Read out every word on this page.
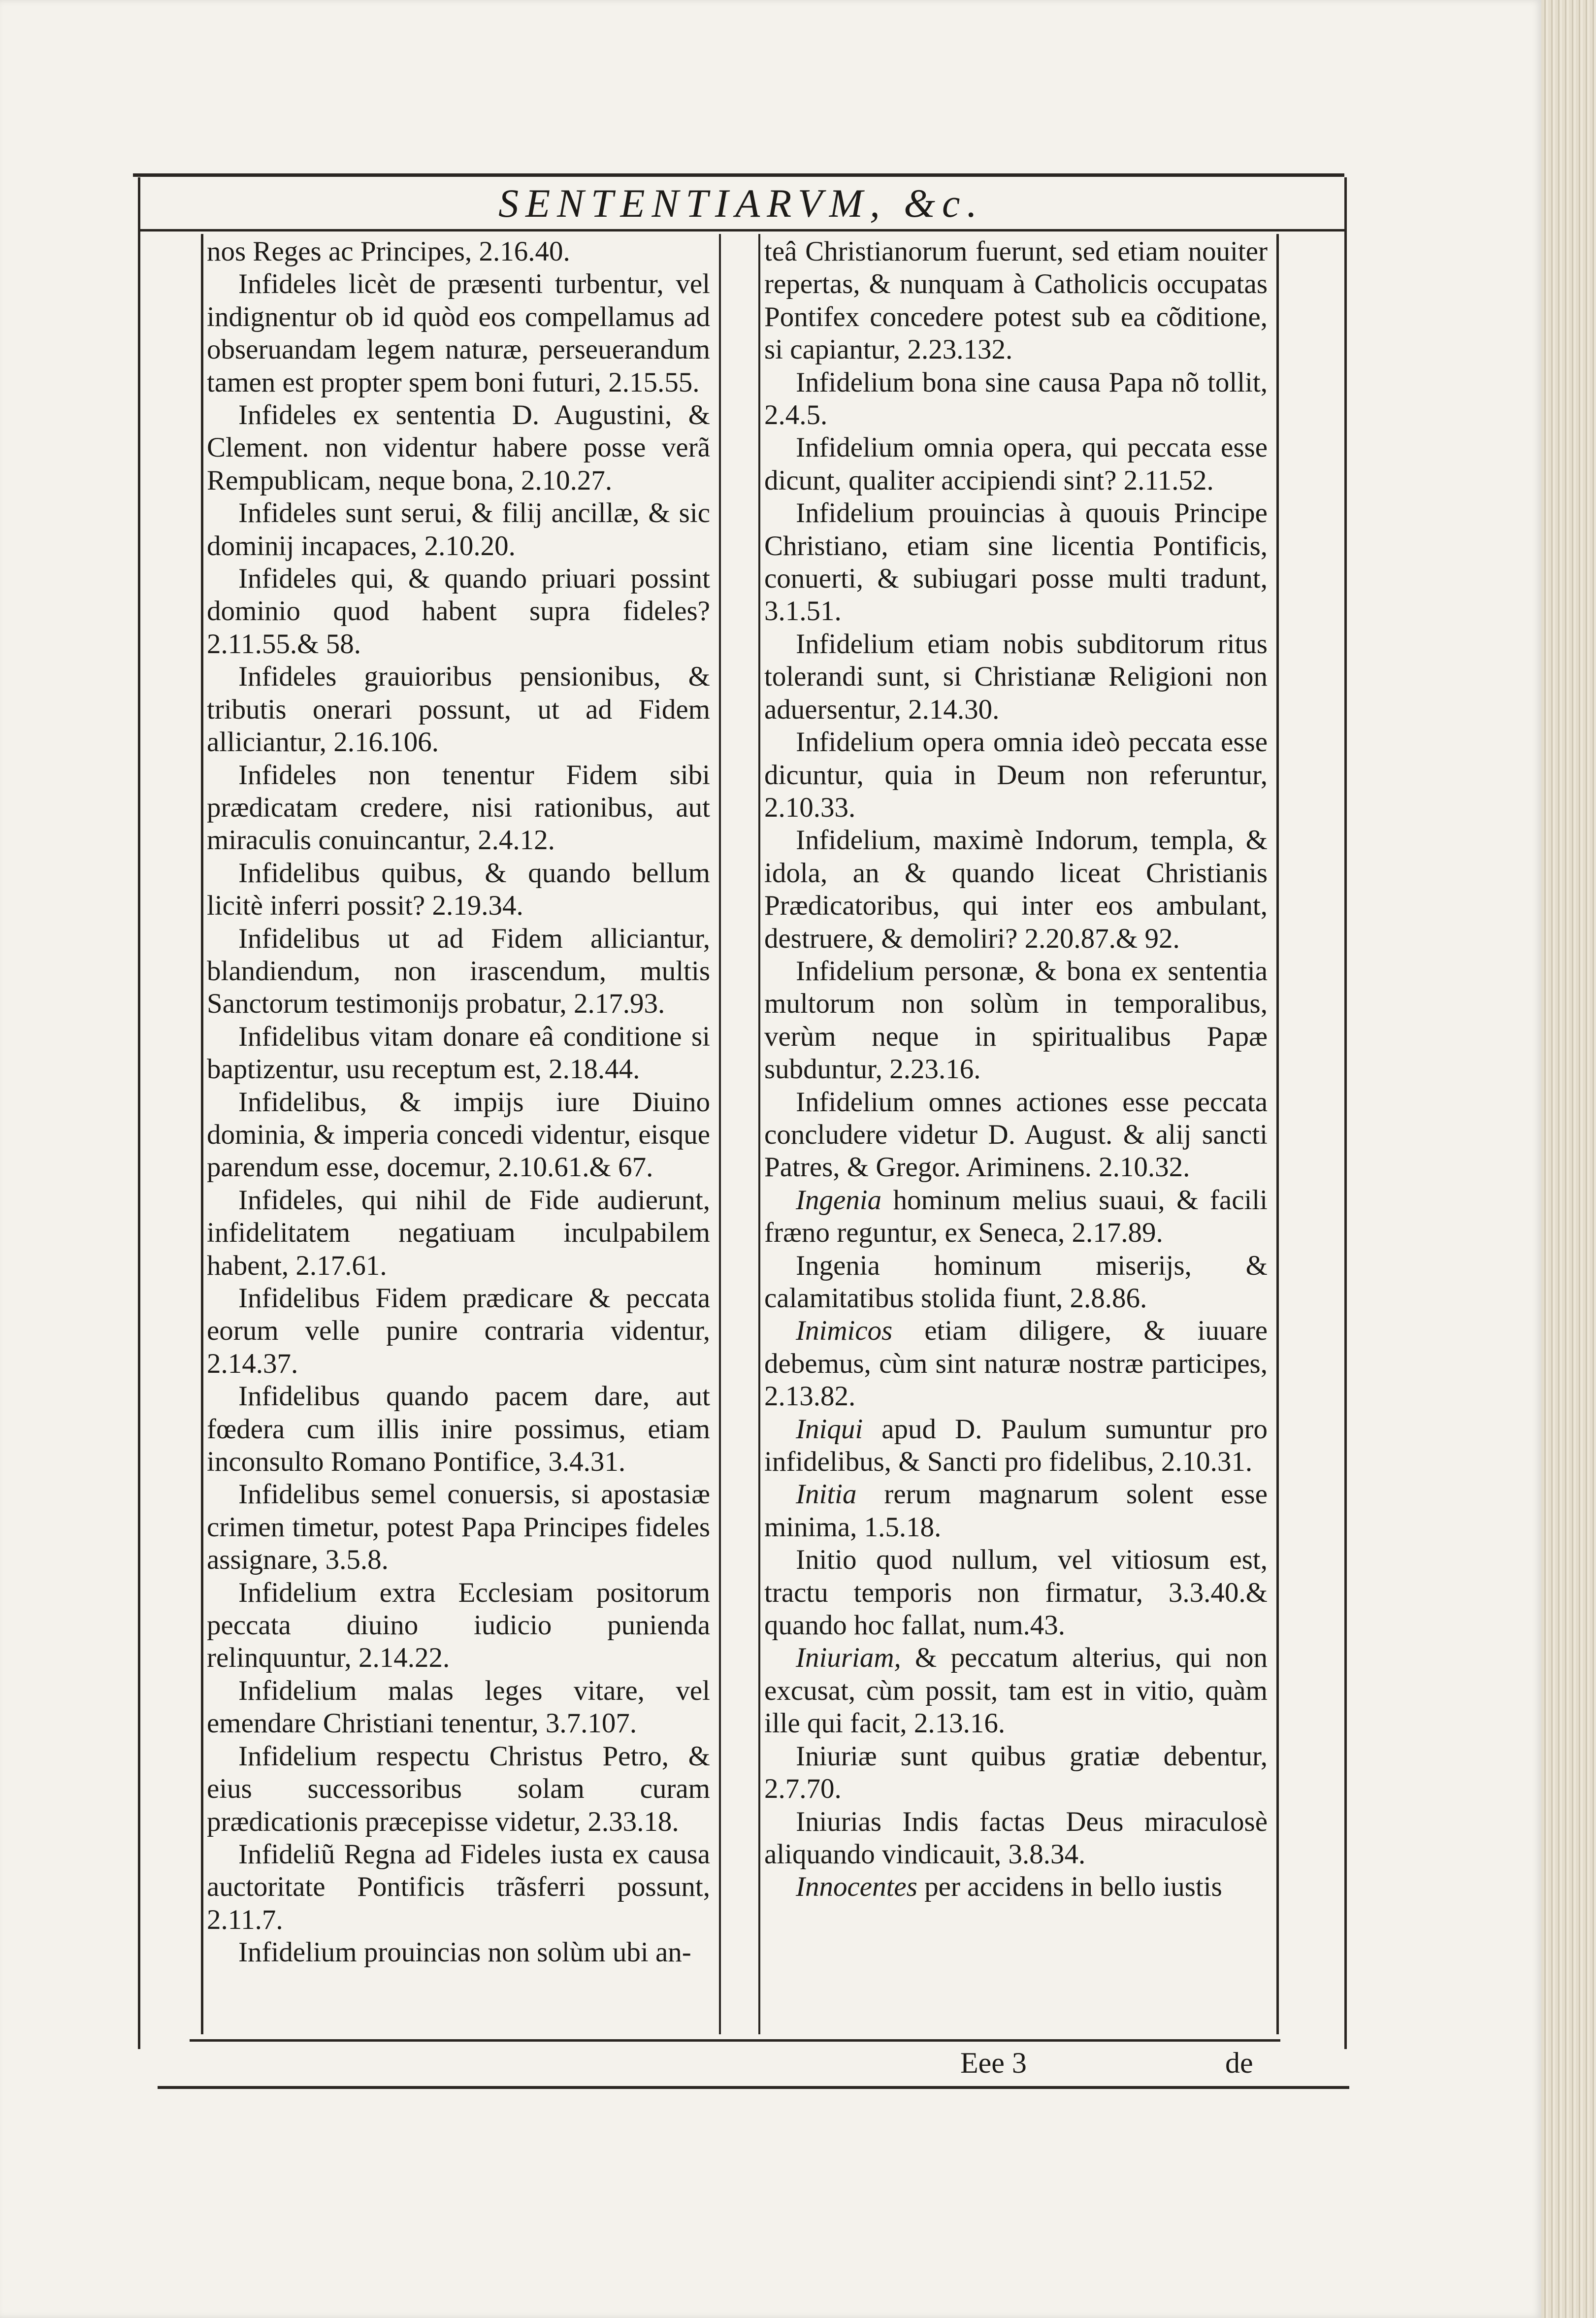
SENTENTIARVM, &c.

nos Reges ac Principes, 2.16.40.

Infideles licèt de præsenti turbentur, vel indignentur ob id quòd eos compellamus ad obseruandam legem naturæ, perseuerandum tamen est propter spem boni futuri, 2.15.55.

Infideles ex sententia D. Augustini, & Clement. non videntur habere posse verã Rempublicam, neque bona, 2.10.27.

Infideles sunt serui, & filij ancillæ, & sic dominij incapaces, 2.10.20.

Infideles qui, & quando priuari possint dominio quod habent supra fideles? 2.11.55.& 58.

Infideles grauioribus pensionibus, & tributis onerari possunt, ut ad Fidem alliciantur, 2.16.106.

Infideles non tenentur Fidem sibi prædicatam credere, nisi rationibus, aut miraculis conuincantur, 2.4.12.

Infidelibus quibus, & quando bellum licitè inferri possit? 2.19.34.

Infidelibus ut ad Fidem alliciantur, blandiendum, non irascendum, multis Sanctorum testimonijs probatur, 2.17.93.

Infidelibus vitam donare eâ conditione si baptizentur, usu receptum est, 2.18.44.

Infidelibus, & impijs iure Diuino dominia, & imperia concedi videntur, eisque parendum esse, docemur, 2.10.61.& 67.

Infideles, qui nihil de Fide audierunt, infidelitatem negatiuam inculpabilem habent, 2.17.61.

Infidelibus Fidem prædicare & peccata eorum velle punire contraria videntur, 2.14.37.

Infidelibus quando pacem dare, aut fœdera cum illis inire possimus, etiam inconsulto Romano Pontifice, 3.4.31.

Infidelibus semel conuersis, si apostasiæ crimen timetur, potest Papa Principes fideles assignare, 3.5.8.

Infidelium extra Ecclesiam positorum peccata diuino iudicio punienda relinquuntur, 2.14.22.

Infidelium malas leges vitare, vel emendare Christiani tenentur, 3.7.107.

Infidelium respectu Christus Petro, & eius successoribus solam curam prædicationis præcepisse videtur, 2.33.18.

Infideliũ Regna ad Fideles iusta ex causa auctoritate Pontificis trãsferri possunt, 2.11.7.

Infidelium prouincias non solùm ubi an-

teâ Christianorum fuerunt, sed etiam nouiter repertas, & nunquam à Catholicis occupatas Pontifex concedere potest sub ea cõditione, si capiantur, 2.23.132.

Infidelium bona sine causa Papa nõ tollit, 2.4.5.

Infidelium omnia opera, qui peccata esse dicunt, qualiter accipiendi sint? 2.11.52.

Infidelium prouincias à quouis Principe Christiano, etiam sine licentia Pontificis, conuerti, & subiugari posse multi tradunt, 3.1.51.

Infidelium etiam nobis subditorum ritus tolerandi sunt, si Christianæ Religioni non aduersentur, 2.14.30.

Infidelium opera omnia ideò peccata esse dicuntur, quia in Deum non referuntur, 2.10.33.

Infidelium, maximè Indorum, templa, & idola, an & quando liceat Christianis Prædicatoribus, qui inter eos ambulant, destruere, & demoliri? 2.20.87.& 92.

Infidelium personæ, & bona ex sententia multorum non solùm in temporalibus, verùm neque in spiritualibus Papæ subduntur, 2.23.16.

Infidelium omnes actiones esse peccata concludere videtur D. August. & alij sancti Patres, & Gregor. Ariminens. 2.10.32.

Ingenia hominum melius suaui, & facili fræno reguntur, ex Seneca, 2.17.89.

Ingenia hominum miserijs, & calamitatibus stolida fiunt, 2.8.86.

Inimicos etiam diligere, & iuuare debemus, cùm sint naturæ nostræ participes, 2.13.82.

Iniqui apud D. Paulum sumuntur pro infidelibus, & Sancti pro fidelibus, 2.10.31.

Initia rerum magnarum solent esse minima, 1.5.18.

Initio quod nullum, vel vitiosum est, tractu temporis non firmatur, 3.3.40.& quando hoc fallat, num.43.

Iniuriam, & peccatum alterius, qui non excusat, cùm possit, tam est in vitio, quàm ille qui facit, 2.13.16.

Iniuriæ sunt quibus gratiæ debentur, 2.7.70.

Iniurias Indis factas Deus miraculosè aliquando vindicauit, 3.8.34.

Innocentes per accidens in bello iustis

Eee 3	de
